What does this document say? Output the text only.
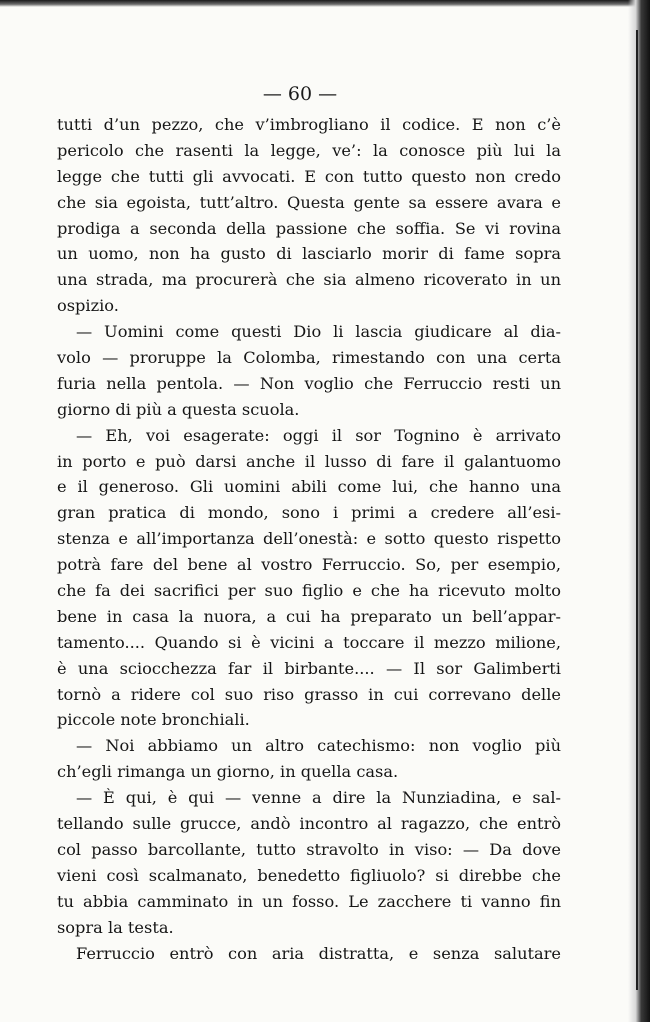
— 60 —

tutti d’un pezzo, che v’imbrogliano il codice. E non c’è
pericolo che rasenti la legge, ve’: la conosce più lui la
legge che tutti gli avvocati. E con tutto questo non credo
che sia egoista, tutt’altro. Questa gente sa essere avara e
prodiga a seconda della passione che soffia. Se vi rovina
un uomo, non ha gusto di lasciarlo morir di fame sopra
una strada, ma procurerà che sia almeno ricoverato in un
ospizio.
— Uomini come questi Dio li lascia giudicare al dia-
volo — proruppe la Colomba, rimestando con una certa
furia nella pentola. — Non voglio che Ferruccio resti un
giorno di più a questa scuola.
— Eh, voi esagerate: oggi il sor Tognino è arrivato
in porto e può darsi anche il lusso di fare il galantuomo
e il generoso. Gli uomini abili come lui, che hanno una
gran pratica di mondo, sono i primi a credere all’esi-
stenza e all’importanza dell’onestà: e sotto questo rispetto
potrà fare del bene al vostro Ferruccio. So, per esempio,
che fa dei sacrifici per suo figlio e che ha ricevuto molto
bene in casa la nuora, a cui ha preparato un bell’appar-
tamento.... Quando si è vicini a toccare il mezzo milione,
è una sciocchezza far il birbante.... — Il sor Galimberti
tornò a ridere col suo riso grasso in cui correvano delle
piccole note bronchiali.
— Noi abbiamo un altro catechismo: non voglio più
ch’egli rimanga un giorno, in quella casa.
— È qui, è qui — venne a dire la Nunziadina, e sal-
tellando sulle grucce, andò incontro al ragazzo, che entrò
col passo barcollante, tutto stravolto in viso: — Da dove
vieni così scalmanato, benedetto figliuolo? si direbbe che
tu abbia camminato in un fosso. Le zacchere ti vanno fin
sopra la testa.
Ferruccio entrò con aria distratta, e senza salutare
